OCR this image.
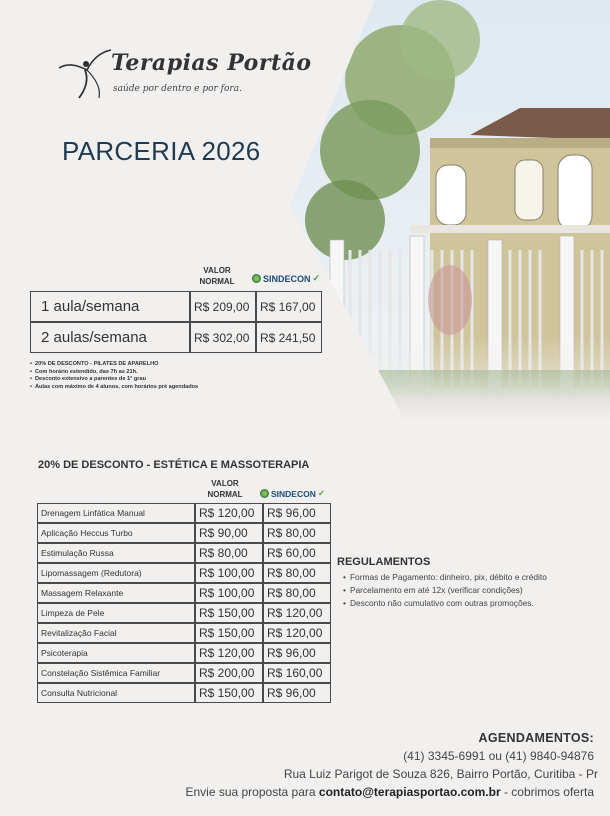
Terapias Portão
saúde por dentro e por fora.
PARCERIA 2026
VALOR NORMAL	SINDECON ✓
1 aula/semana	R$ 209,00	R$ 167,00
2 aulas/semana	R$ 302,00	R$ 241,50
• 20% DE DESCONTO - PILATES DE APARELHO
• Com horário estendido, das 7h as 21h.
• Desconto extensivo a parentes de 1° grau
• Aulas com máximo de 4 alunos, com horários pré agendados
20% DE DESCONTO - ESTÉTICA E MASSOTERAPIA
VALOR NORMAL	SINDECON ✓
Drenagem Linfática Manual	R$ 120,00	R$ 96,00
Aplicação Heccus Turbo	R$ 90,00	R$ 80,00
Estimulação Russa	R$ 80,00	R$ 60,00
Lipomassagem (Redutora)	R$ 100,00	R$ 80,00
Massagem Relaxante	R$ 100,00	R$ 80,00
Limpeza de Pele	R$ 150,00	R$ 120,00
Revitalização Facial	R$ 150,00	R$ 120,00
Psicoterapia	R$ 120,00	R$ 96,00
Constelação Sistêmica Familiar	R$ 200,00	R$ 160,00
Consulta Nutricional	R$ 150,00	R$ 96,00
REGULAMENTOS
• Formas de Pagamento: dinheiro, pix, débito e crédito
• Parcelamento em até 12x (verificar condições)
• Desconto não cumulativo com outras promoções.

AGENDAMENTOS:

(41) 3345-6991 ou (41) 9840-94876

Rua Luiz Parigot de Souza 826, Bairro Portão, Curitiba - Pr

Envie sua proposta para contato@terapiasportao.com.br - cobrimos oferta
